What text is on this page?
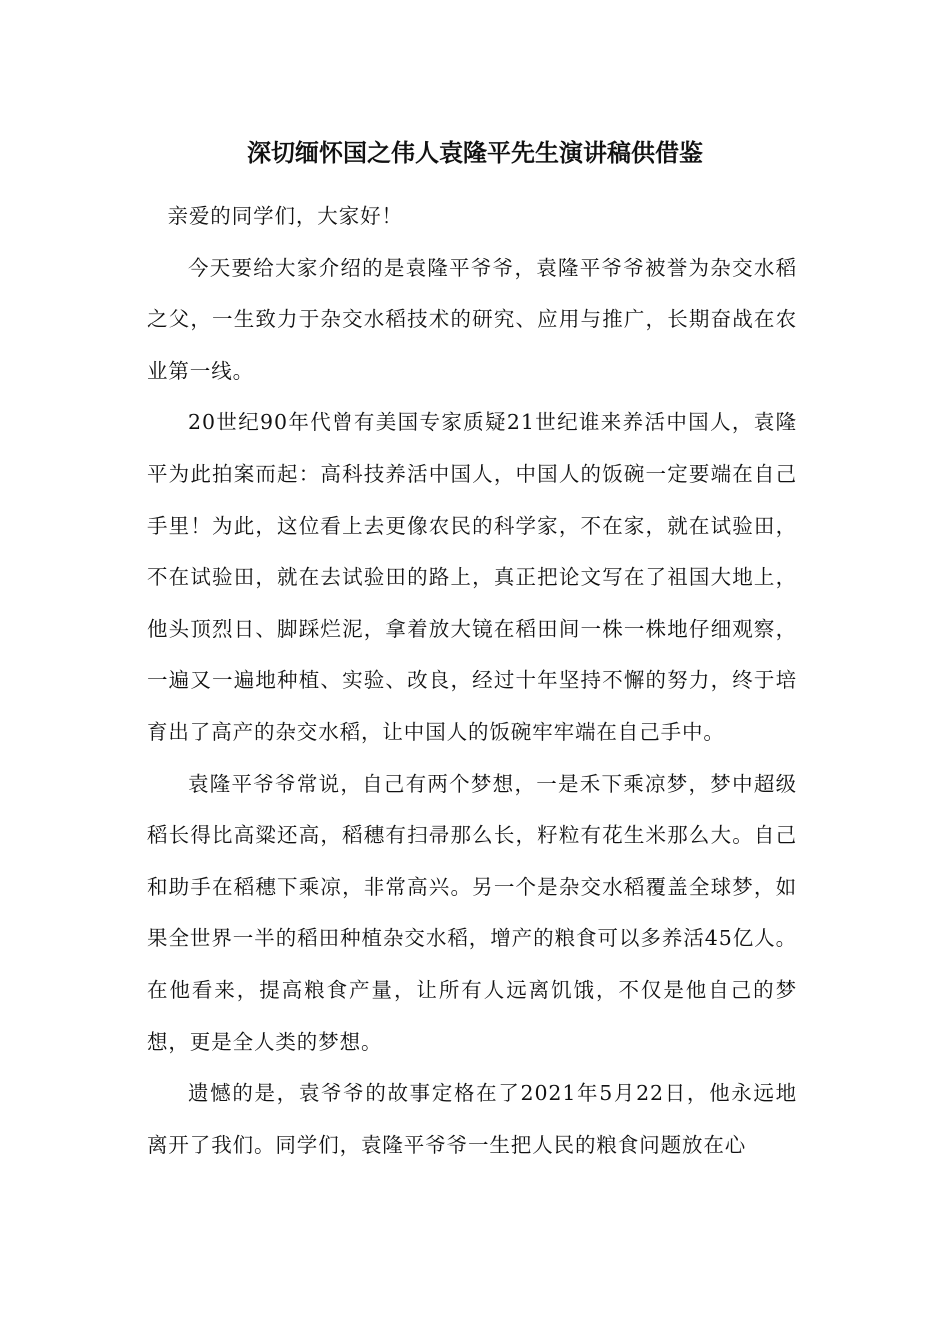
深切缅怀国之伟人袁隆平先生演讲稿供借鉴

亲爱的同学们，大家好！

今天要给大家介绍的是袁隆平爷爷，袁隆平爷爷被誉为杂交水稻之父，一生致力于杂交水稻技术的研究、应用与推广，长期奋战在农业第一线。

20世纪90年代曾有美国专家质疑21世纪谁来养活中国人，袁隆平为此拍案而起：高科技养活中国人，中国人的饭碗一定要端在自己手里！为此，这位看上去更像农民的科学家，不在家，就在试验田，不在试验田，就在去试验田的路上，真正把论文写在了祖国大地上，他头顶烈日、脚踩烂泥，拿着放大镜在稻田间一株一株地仔细观察，一遍又一遍地种植、实验、改良，经过十年坚持不懈的努力，终于培育出了高产的杂交水稻，让中国人的饭碗牢牢端在自己手中。

袁隆平爷爷常说，自己有两个梦想，一是禾下乘凉梦，梦中超级稻长得比高粱还高，稻穗有扫帚那么长，籽粒有花生米那么大。自己和助手在稻穗下乘凉，非常高兴。另一个是杂交水稻覆盖全球梦，如果全世界一半的稻田种植杂交水稻，增产的粮食可以多养活45亿人。在他看来，提高粮食产量，让所有人远离饥饿，不仅是他自己的梦想，更是全人类的梦想。

遗憾的是，袁爷爷的故事定格在了2021年5月22日，他永远地离开了我们。同学们，袁隆平爷爷一生把人民的粮食问题放在心
